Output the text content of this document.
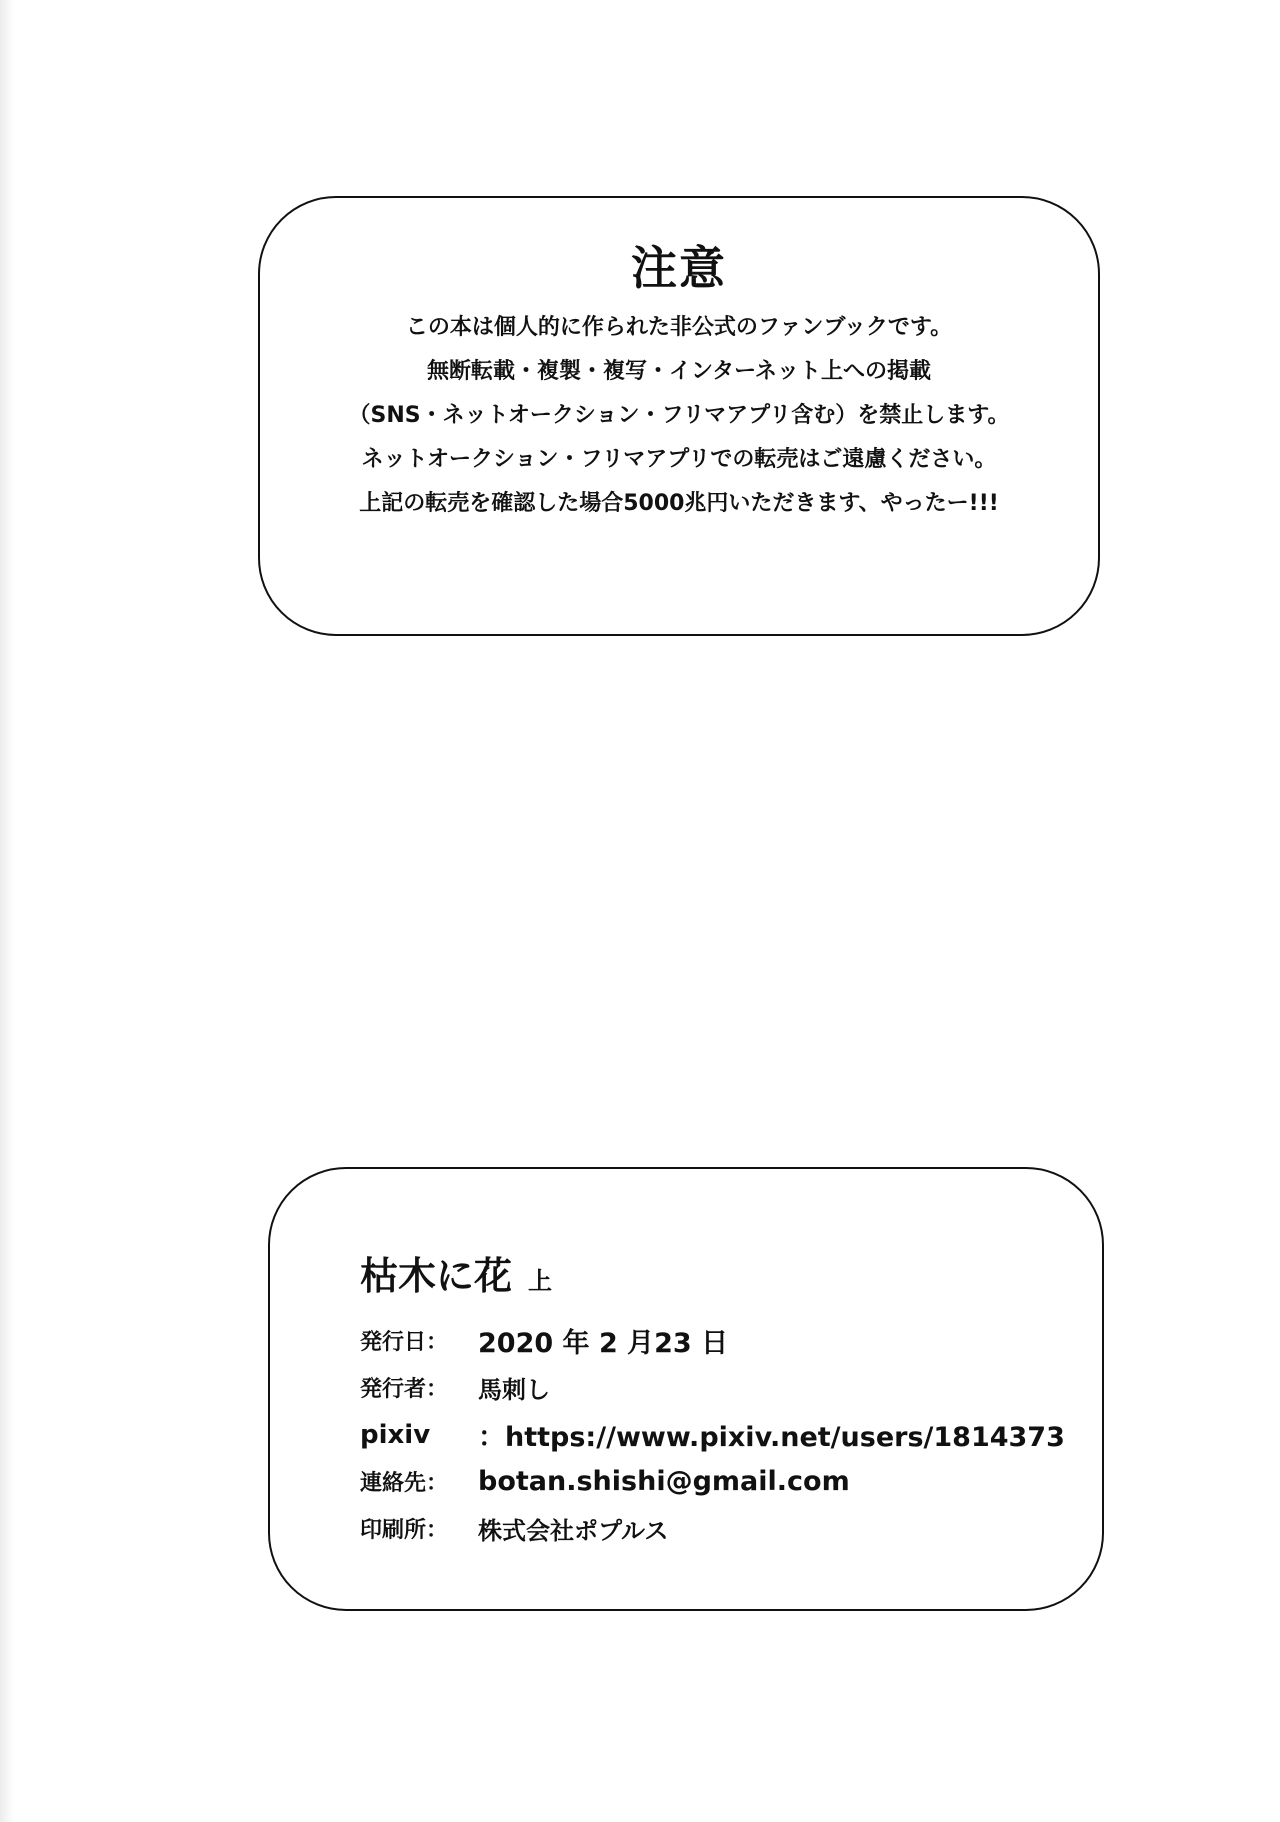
注意
この本は個人的に作られた非公式のファンブックです。
無断転載・複製・複写・インターネット上への掲載
（SNS・ネットオークション・フリマアプリ含む）を禁止します。
ネットオークション・フリマアプリでの転売はご遠慮ください。
上記の転売を確認した場合5000兆円いただきます、やったー!!!
枯木に花 上
発行日：	2020 年 2 月23 日
発行者：	馬刺し
pixiv	：https://www.pixiv.net/users/1814373
連絡先：	botan.shishi@gmail.com
印刷所：	株式会社ポプルス
